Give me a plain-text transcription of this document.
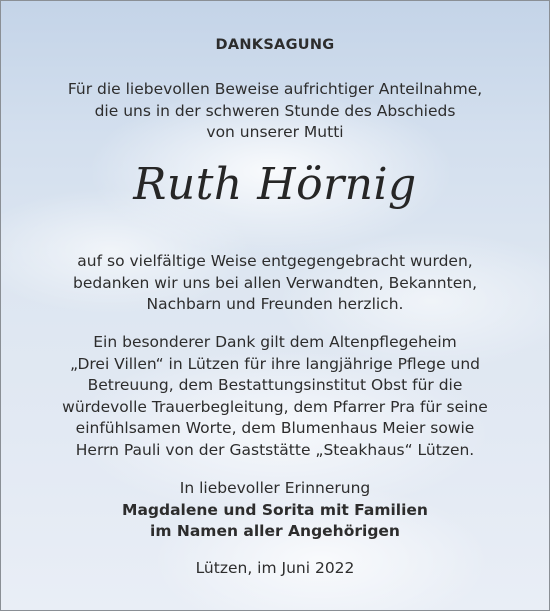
DANKSAGUNG
Für die liebevollen Beweise aufrichtiger Anteilnahme,
die uns in der schweren Stunde des Abschieds
von unserer Mutti
Ruth Hörnig
auf so vielfältige Weise entgegengebracht wurden,
bedanken wir uns bei allen Verwandten, Bekannten,
Nachbarn und Freunden herzlich.
Ein besonderer Dank gilt dem Altenpflegeheim
„Drei Villen“ in Lützen für ihre langjährige Pflege und
Betreuung, dem Bestattungsinstitut Obst für die
würdevolle Trauerbegleitung, dem Pfarrer Pra für seine
einfühlsamen Worte, dem Blumenhaus Meier sowie
Herrn Pauli von der Gaststätte „Steakhaus“ Lützen.
In liebevoller Erinnerung
Magdalene und Sorita mit Familien
im Namen aller Angehörigen
Lützen, im Juni 2022
